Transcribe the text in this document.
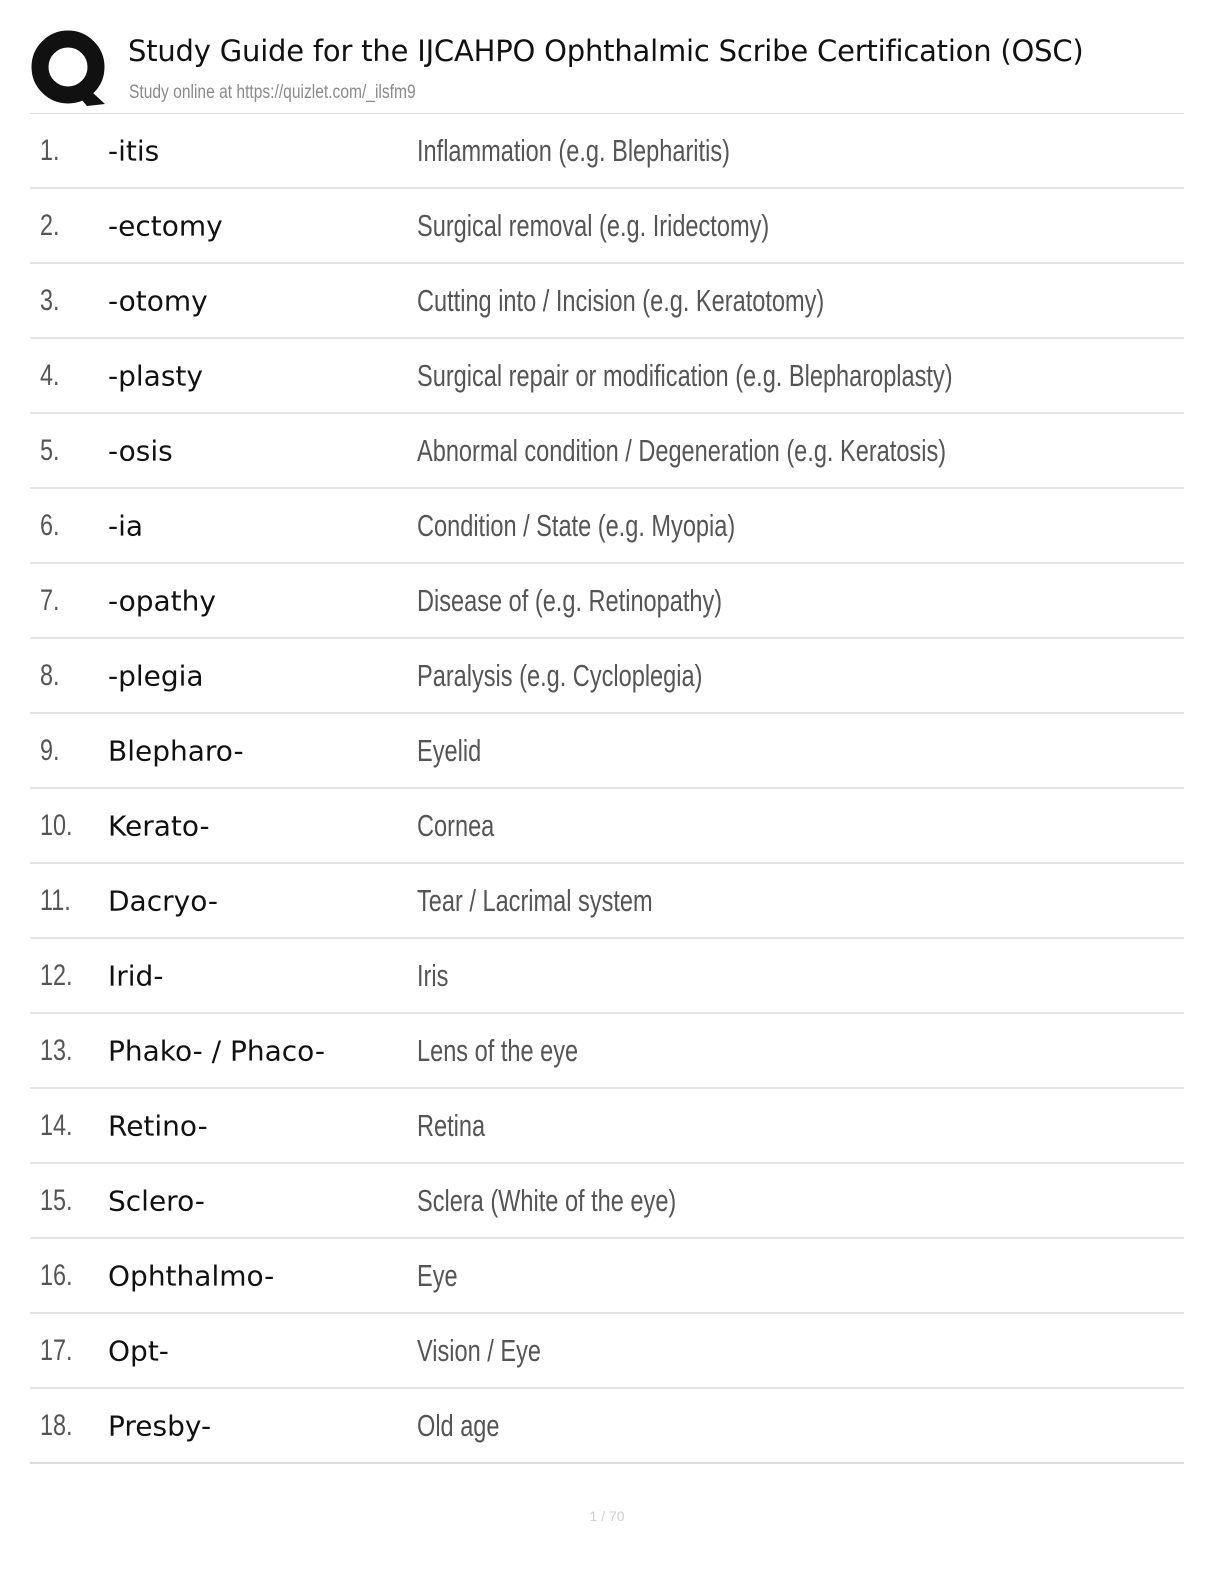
Study Guide for the IJCAHPO Ophthalmic Scribe Certification (OSC)
Study online at https://quizlet.com/_ilsfm9
1. -itis	Inflammation (e.g. Blepharitis)
2. -ectomy	Surgical removal (e.g. Iridectomy)
3. -otomy	Cutting into / Incision (e.g. Keratotomy)
4. -plasty	Surgical repair or modification (e.g. Blepharoplasty)
5. -osis	Abnormal condition / Degeneration (e.g. Keratosis)
6. -ia	Condition / State (e.g. Myopia)
7. -opathy	Disease of (e.g. Retinopathy)
8. -plegia	Paralysis (e.g. Cycloplegia)
9. Blepharo-	Eyelid
10. Kerato-	Cornea
11. Dacryo-	Tear / Lacrimal system
12. Irid-	Iris
13. Phako- / Phaco-	Lens of the eye
14. Retino-	Retina
15. Sclero-	Sclera (White of the eye)
16. Ophthalmo-	Eye
17. Opt-	Vision / Eye
18. Presby-	Old age
1 / 70
